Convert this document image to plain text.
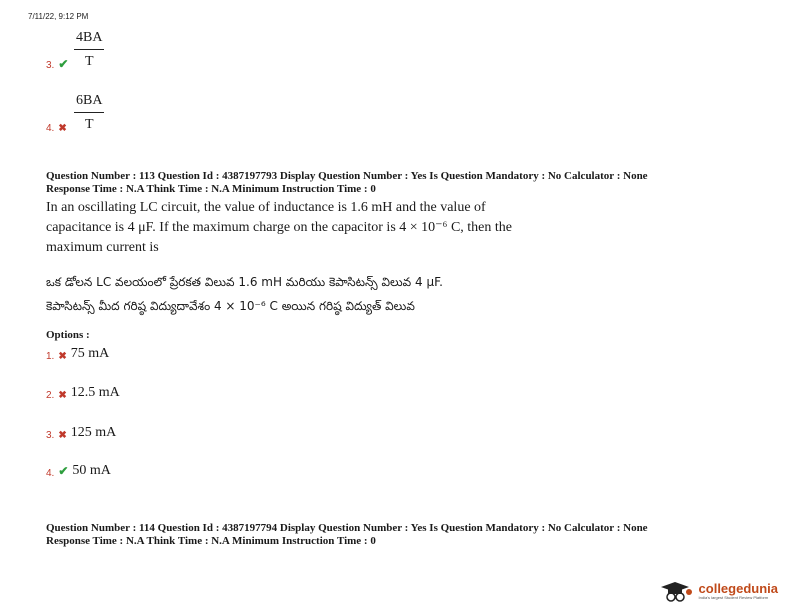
7/11/22, 9:12 PM
3. ✔ $\frac{4BA}{T}$
4. ✖ $\frac{6BA}{T}$
Question Number : 113 Question Id : 4387197793 Display Question Number : Yes Is Question Mandatory : No Calculator : None
Response Time : N.A Think Time : N.A Minimum Instruction Time : 0
In an oscillating LC circuit, the value of inductance is 1.6 mH and the value of
capacitance is 4 μF. If the maximum charge on the capacitor is 4 × 10⁻⁶ C, then the
maximum current is
ఒక డోలన LC వలయంలో ప్రేరకత విలువ 1.6 mH మరియు కెపాసిటన్స్ విలువ 4 μF.
కెపాసిటన్స్ మీద గరిష్ఠ విద్యుదావేశం 4 × 10⁻⁶ C అయిన గరిష్ఠ విద్యుత్ విలువ
Options :
1. ✖ 75 mA
2. ✖ 12.5 mA
3. ✖ 125 mA
4. ✔ 50 mA
Question Number : 114 Question Id : 4387197794 Display Question Number : Yes Is Question Mandatory : No Calculator : None
Response Time : N.A Think Time : N.A Minimum Instruction Time : 0
collegedunia
India's largest Student Review Platform
